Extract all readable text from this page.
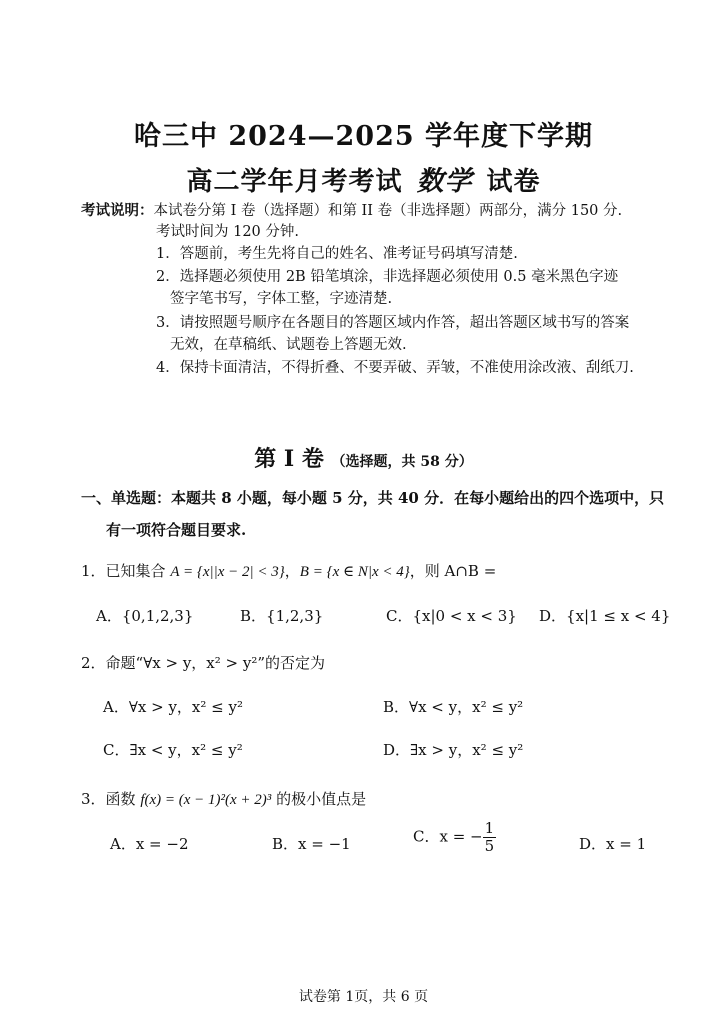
哈三中 2024—2025 学年度下学期
高二学年月考考试 数学 试卷
考试说明：本试卷分第 I 卷（选择题）和第 II 卷（非选择题）两部分，满分 150 分.
考试时间为 120 分钟.
1．答题前，考生先将自己的姓名、准考证号码填写清楚.
2．选择题必须使用 2B 铅笔填涂，非选择题必须使用 0.5 毫米黑色字迹
签字笔书写，字体工整，字迹清楚.
3．请按照题号顺序在各题目的答题区域内作答，超出答题区域书写的答案
无效，在草稿纸、试题卷上答题无效.
4．保持卡面清洁，不得折叠、不要弄破、弄皱，不准使用涂改液、刮纸刀.
第 I 卷 （选择题，共 58 分）
一、单选题：本题共 8 小题，每小题 5 分，共 40 分．在每小题给出的四个选项中，只
有一项符合题目要求.
1．已知集合 A = {x||x − 2| < 3}，B = {x ∈ N|x < 4}，则 A∩B =
A．{0,1,2,3}	B．{1,2,3}	C．{x|0 < x < 3} D．{x|1 ≤ x < 4}
2．命题“∀x > y，x² > y²”的否定为
A．∀x > y，x² ≤ y²	B．∀x < y，x² ≤ y²
C．∃x < y，x² ≤ y²	D．∃x > y，x² ≤ y²
3．函数 f(x) = (x − 1)²(x + 2)³ 的极小值点是
A．x = −2	B．x = −1	C．x = − $\frac{1}{5}$	D．x = 1
试卷第 1页，共 6 页
